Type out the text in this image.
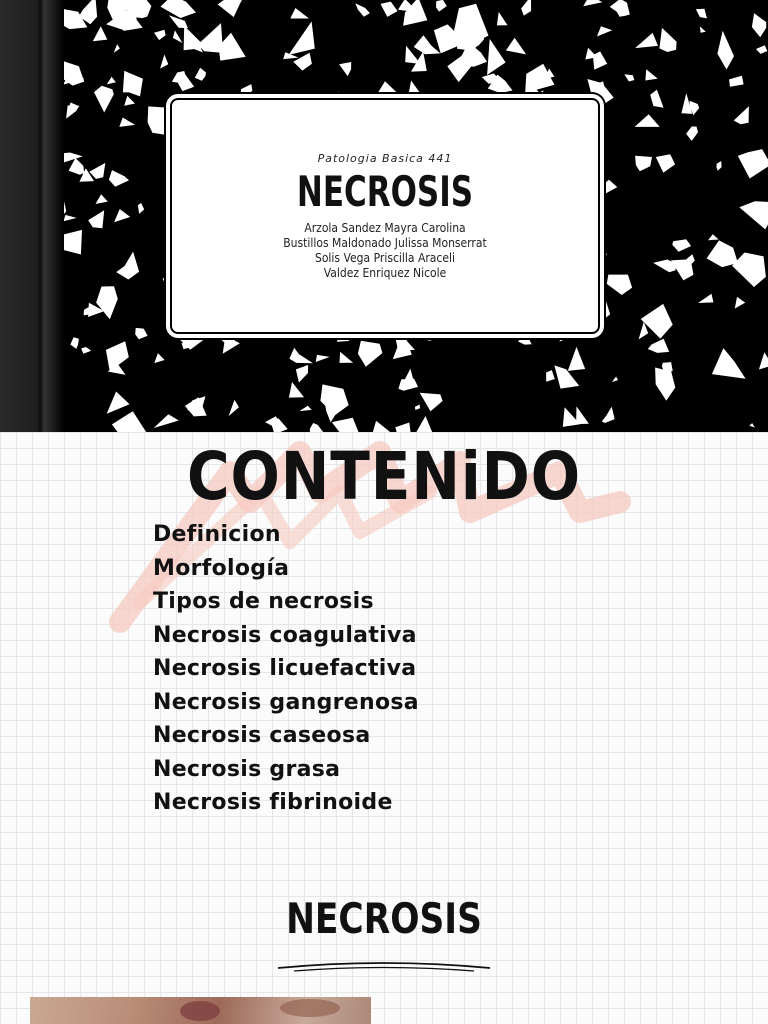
Patologia Basica 441
NECROSIS
Arzola Sandez Mayra Carolina
Bustillos Maldonado Julissa Monserrat
Solis Vega Priscilla Araceli
Valdez Enriquez Nicole
CONTENiDO
Definicion
Morfología
Tipos de necrosis
Necrosis coagulativa
Necrosis licuefactiva
Necrosis gangrenosa
Necrosis caseosa
Necrosis grasa
Necrosis fibrinoide
NECROSIS
